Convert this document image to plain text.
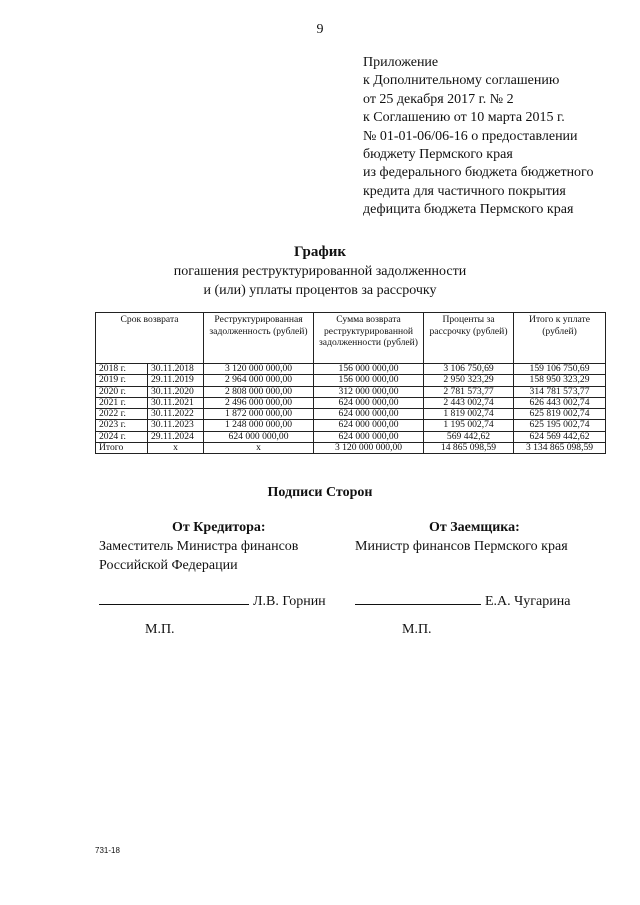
9
Приложение
к Дополнительному соглашению
от 25 декабря 2017 г. № 2
к Соглашению от 10 марта 2015 г.
№ 01-01-06/06-16 о предоставлении
бюджету Пермского края
из федерального бюджета бюджетного
кредита для частичного покрытия
дефицита бюджета Пермского края
График
погашения реструктурированной задолженности
и (или) уплаты процентов за рассрочку
Срок возврата		Реструктурированная задолженность (рублей)	Сумма возврата реструктурированной задолженности (рублей)	Проценты за рассрочку (рублей)	Итого к уплате (рублей)
2018 г.	30.11.2018	3 120 000 000,00	156 000 000,00	3 106 750,69	159 106 750,69
2019 г.	29.11.2019	2 964 000 000,00	156 000 000,00	2 950 323,29	158 950 323,29
2020 г.	30.11.2020	2 808 000 000,00	312 000 000,00	2 781 573,77	314 781 573,77
2021 г.	30.11.2021	2 496 000 000,00	624 000 000,00	2 443 002,74	626 443 002,74
2022 г.	30.11.2022	1 872 000 000,00	624 000 000,00	1 819 002,74	625 819 002,74
2023 г.	30.11.2023	1 248 000 000,00	624 000 000,00	1 195 002,74	625 195 002,74
2024 г.	29.11.2024	624 000 000,00	624 000 000,00	569 442,62	624 569 442,62
Итого	x	x	3 120 000 000,00	14 865 098,59	3 134 865 098,59
Подписи Сторон
От Кредитора:
Заместитель Министра финансов
Российской Федерации
От Заемщика:
Министр финансов Пермского края
Л.В. Горнин	Е.А. Чугарина
М.П.	М.П.
731-18
